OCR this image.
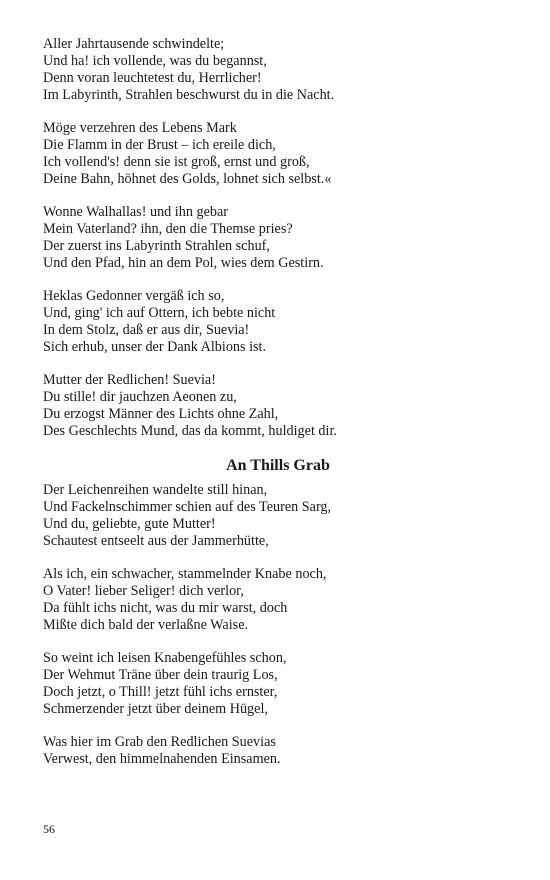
Aller Jahrtausende schwindelte;
Und ha! ich vollende, was du begannst,
Denn voran leuchtetest du, Herrlicher!
Im Labyrinth, Strahlen beschwurst du in die Nacht.
Möge verzehren des Lebens Mark
Die Flamm in der Brust – ich ereile dich,
Ich vollend's! denn sie ist groß, ernst und groß,
Deine Bahn, höhnet des Golds, lohnet sich selbst.«
Wonne Walhallas! und ihn gebar
Mein Vaterland? ihn, den die Themse pries?
Der zuerst ins Labyrinth Strahlen schuf,
Und den Pfad, hin an dem Pol, wies dem Gestirn.
Heklas Gedonner vergäß ich so,
Und, ging' ich auf Ottern, ich bebte nicht
In dem Stolz, daß er aus dir, Suevia!
Sich erhub, unser der Dank Albions ist.
Mutter der Redlichen! Suevia!
Du stille! dir jauchzen Aeonen zu,
Du erzogst Männer des Lichts ohne Zahl,
Des Geschlechts Mund, das da kommt, huldiget dir.
An Thills Grab
Der Leichenreihen wandelte still hinan,
Und Fackelnschimmer schien auf des Teuren Sarg,
Und du, geliebte, gute Mutter!
Schautest entseelt aus der Jammerhütte,
Als ich, ein schwacher, stammelnder Knabe noch,
O Vater! lieber Seliger! dich verlor,
Da fühlt ichs nicht, was du mir warst, doch
Mißte dich bald der verlaßne Waise.
So weint ich leisen Knabengefühles schon,
Der Wehmut Träne über dein traurig Los,
Doch jetzt, o Thill! jetzt fühl ichs ernster,
Schmerzender jetzt über deinem Hügel,
Was hier im Grab den Redlichen Suevias
Verwest, den himmelnahenden Einsamen.
56
